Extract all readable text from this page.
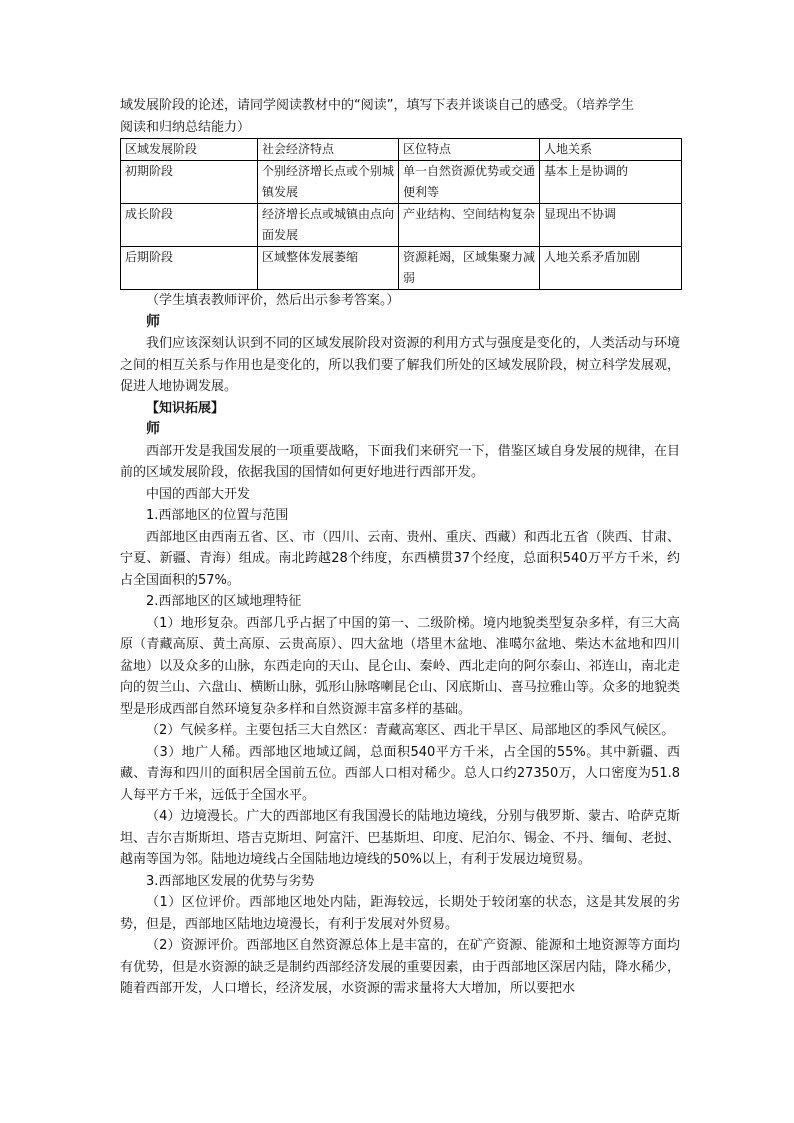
域发展阶段的论述，请同学阅读教材中的“阅读”，填写下表并谈谈自己的感受。（培养学生

阅读和归纳总结能力）

区域发展阶段	社会经济特点	区位特点	人地关系
初期阶段	个别经济增长点或个别城镇发展	单一自然资源优势或交通便利等	基本上是协调的
成长阶段	经济增长点或城镇由点向面发展	产业结构、空间结构复杂	显现出不协调
后期阶段	区域整体发展萎缩	资源耗竭，区域集聚力减弱	人地关系矛盾加剧

（学生填表教师评价，然后出示参考答案。）

师

我们应该深刻认识到不同的区域发展阶段对资源的利用方式与强度是变化的，人类活动与环境之间的相互关系与作用也是变化的，所以我们要了解我们所处的区域发展阶段，树立科学发展观，促进人地协调发展。

【知识拓展】

师

西部开发是我国发展的一项重要战略，下面我们来研究一下，借鉴区域自身发展的规律，在目前的区域发展阶段，依据我国的国情如何更好地进行西部开发。

中国的西部大开发

1.西部地区的位置与范围

西部地区由西南五省、区、市（四川、云南、贵州、重庆、西藏）和西北五省（陕西、甘肃、宁夏、新疆、青海）组成。南北跨越28个纬度，东西横贯37个经度，总面积540万平方千米，约占全国面积的57%。

2.西部地区的区域地理特征

（1）地形复杂。西部几乎占据了中国的第一、二级阶梯。境内地貌类型复杂多样，有三大高原（青藏高原、黄土高原、云贵高原）、四大盆地（塔里木盆地、准噶尔盆地、柴达木盆地和四川盆地）以及众多的山脉，东西走向的天山、昆仑山、秦岭、西北走向的阿尔泰山、祁连山，南北走向的贺兰山、六盘山、横断山脉，弧形山脉喀喇昆仑山、冈底斯山、喜马拉雅山等。众多的地貌类型是形成西部自然环境复杂多样和自然资源丰富多样的基础。

（2）气候多样。主要包括三大自然区：青藏高寒区、西北干旱区、局部地区的季风气候区。

（3）地广人稀。西部地区地域辽阔，总面积540平方千米，占全国的55%。其中新疆、西藏、青海和四川的面积居全国前五位。西部人口相对稀少。总人口约27350万，人口密度为51.8人每平方千米，远低于全国水平。

（4）边境漫长。广大的西部地区有我国漫长的陆地边境线，分别与俄罗斯、蒙古、哈萨克斯坦、吉尔吉斯斯坦、塔吉克斯坦、阿富汗、巴基斯坦、印度、尼泊尔、锡金、不丹、缅甸、老挝、越南等国为邻。陆地边境线占全国陆地边境线的50%以上，有利于发展边境贸易。

3.西部地区发展的优势与劣势

（1）区位评价。西部地区地处内陆，距海较远，长期处于较闭塞的状态，这是其发展的劣势，但是，西部地区陆地边境漫长，有利于发展对外贸易。

（2）资源评价。西部地区自然资源总体上是丰富的，在矿产资源、能源和土地资源等方面均有优势，但是水资源的缺乏是制约西部经济发展的重要因素，由于西部地区深居内陆，降水稀少，随着西部开发，人口增长，经济发展，水资源的需求量将大大增加，所以要把水
